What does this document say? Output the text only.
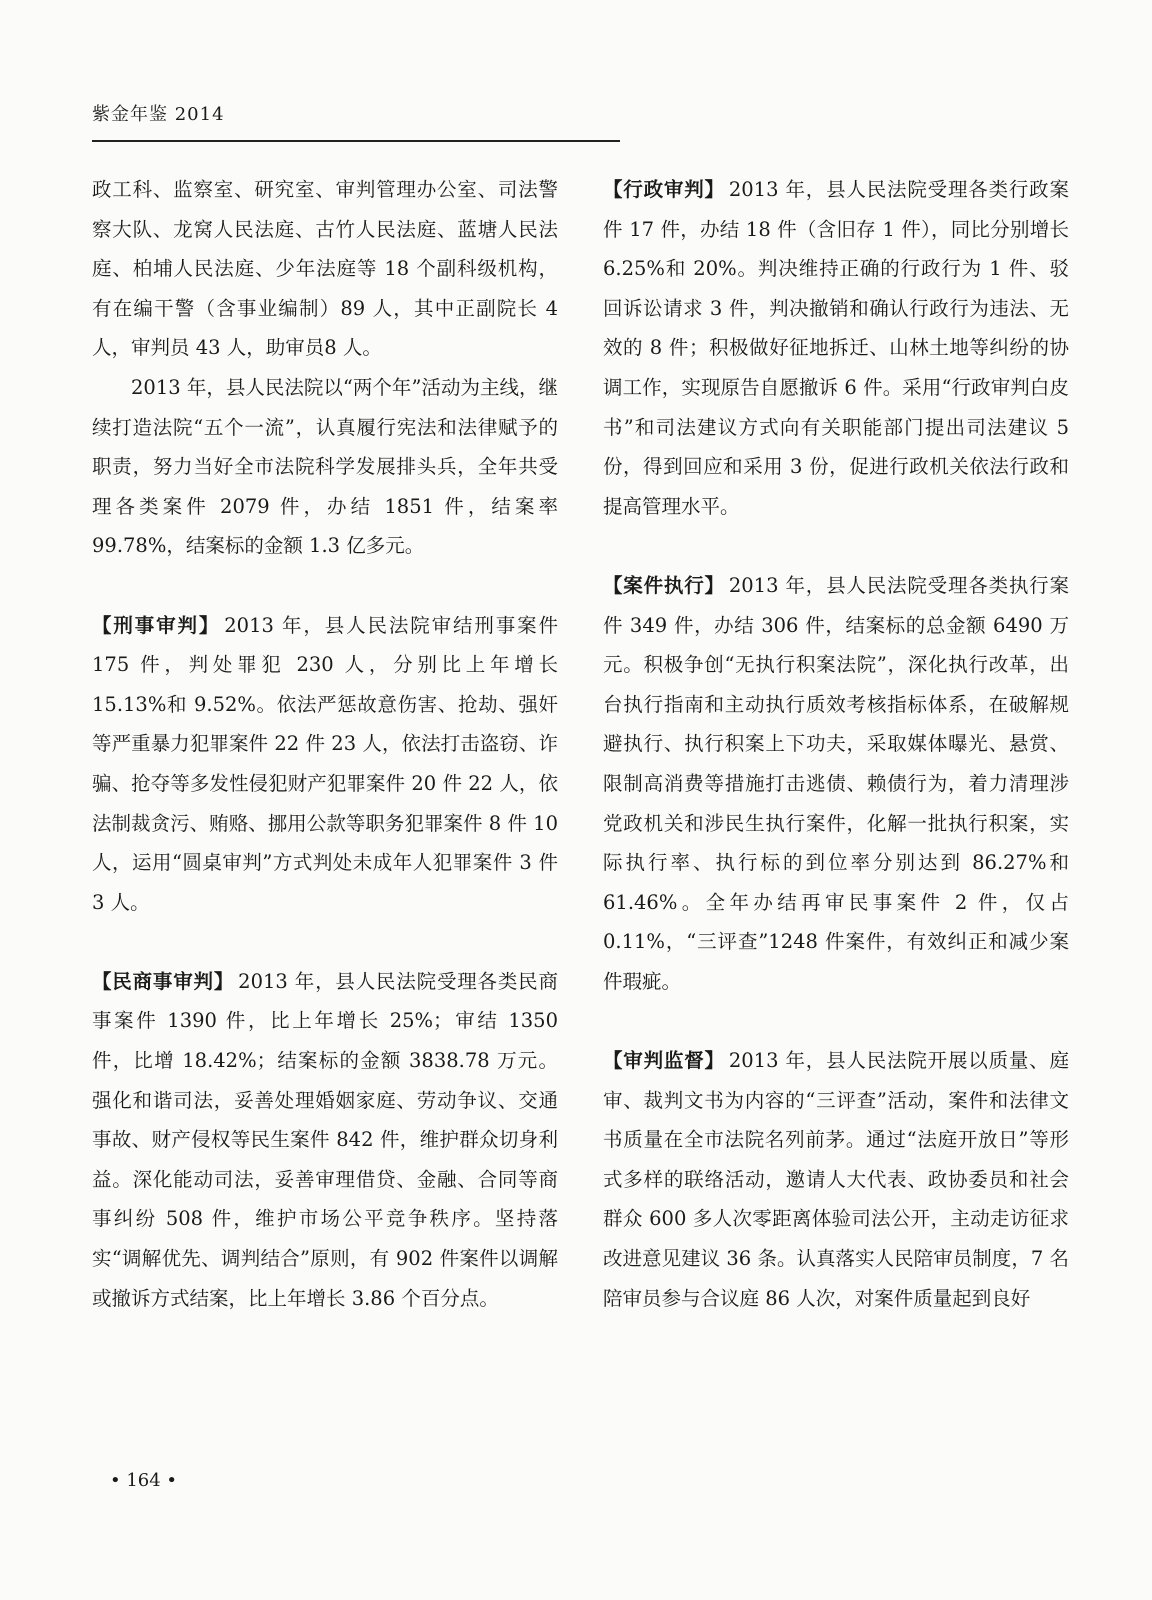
紫金年鉴 2014

政工科、监察室、研究室、审判管理办公室、司法警察大队、龙窝人民法庭、古竹人民法庭、蓝塘人民法庭、柏埔人民法庭、少年法庭等 18 个副科级机构，有在编干警（含事业编制）89 人，其中正副院长 4 人，审判员 43 人，助审员8 人。

2013 年，县人民法院以“两个年”活动为主线，继续打造法院“五个一流”，认真履行宪法和法律赋予的职责，努力当好全市法院科学发展排头兵，全年共受理各类案件 2079 件，办结 1851 件，结案率 99.78%，结案标的金额 1.3 亿多元。

【刑事审判】 2013 年，县人民法院审结刑事案件 175 件，判处罪犯 230 人，分别比上年增长 15.13%和 9.52%。依法严惩故意伤害、抢劫、强奸等严重暴力犯罪案件 22 件 23 人，依法打击盗窃、诈骗、抢夺等多发性侵犯财产犯罪案件 20 件 22 人，依法制裁贪污、贿赂、挪用公款等职务犯罪案件 8 件 10 人，运用“圆桌审判”方式判处未成年人犯罪案件 3 件 3 人。

【民商事审判】 2013 年，县人民法院受理各类民商事案件 1390 件，比上年增长 25%；审结 1350 件，比增 18.42%；结案标的金额 3838.78 万元。强化和谐司法，妥善处理婚姻家庭、劳动争议、交通事故、财产侵权等民生案件 842 件，维护群众切身利益。深化能动司法，妥善审理借贷、金融、合同等商事纠纷 508 件，维护市场公平竞争秩序。坚持落实“调解优先、调判结合”原则，有 902 件案件以调解或撤诉方式结案，比上年增长 3.86 个百分点。

【行政审判】 2013 年，县人民法院受理各类行政案件 17 件，办结 18 件（含旧存 1 件），同比分别增长 6.25%和 20%。判决维持正确的行政行为 1 件、驳回诉讼请求 3 件，判决撤销和确认行政行为违法、无效的 8 件；积极做好征地拆迁、山林土地等纠纷的协调工作，实现原告自愿撤诉 6 件。采用“行政审判白皮书”和司法建议方式向有关职能部门提出司法建议 5 份，得到回应和采用 3 份，促进行政机关依法行政和提高管理水平。

【案件执行】 2013 年，县人民法院受理各类执行案件 349 件，办结 306 件，结案标的总金额 6490 万元。积极争创“无执行积案法院”，深化执行改革，出台执行指南和主动执行质效考核指标体系，在破解规避执行、执行积案上下功夫，采取媒体曝光、悬赏、限制高消费等措施打击逃债、赖债行为，着力清理涉党政机关和涉民生执行案件，化解一批执行积案，实际执行率、执行标的到位率分别达到 86.27%和 61.46%。全年办结再审民事案件 2 件，仅占 0.11%，“三评查”1248 件案件，有效纠正和减少案件瑕疵。

【审判监督】 2013 年，县人民法院开展以质量、庭审、裁判文书为内容的“三评查”活动，案件和法律文书质量在全市法院名列前茅。通过“法庭开放日”等形式多样的联络活动，邀请人大代表、政协委员和社会群众 600 多人次零距离体验司法公开，主动走访征求改进意见建议 36 条。认真落实人民陪审员制度，7 名陪审员参与合议庭 86 人次，对案件质量起到良好

• 164 •
